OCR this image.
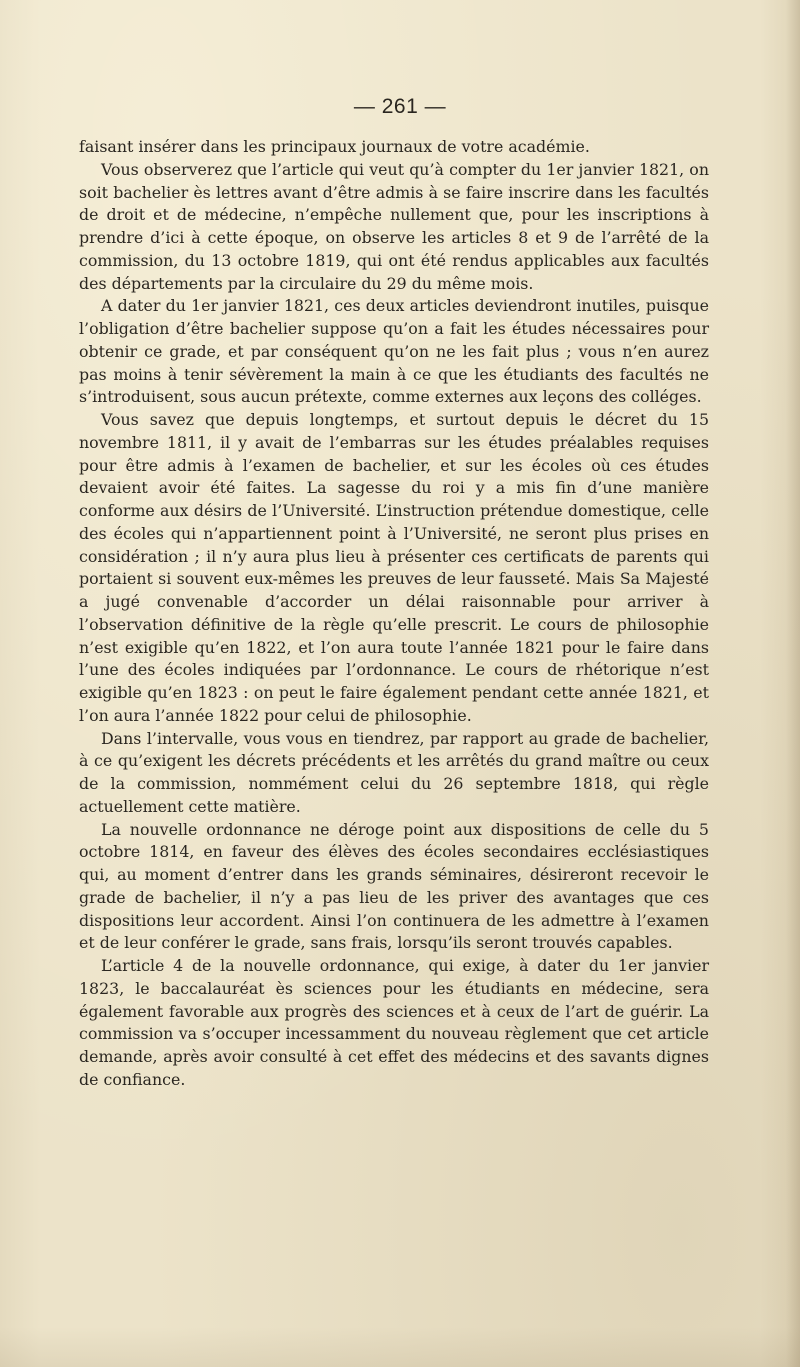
— 261 —

faisant insérer dans les principaux journaux de votre académie.

Vous observerez que l’article qui veut qu’à compter du 1er janvier 1821, on soit bachelier ès lettres avant d’être admis à se faire inscrire dans les facultés de droit et de médecine, n’empêche nullement que, pour les inscriptions à prendre d’ici à cette époque, on observe les articles 8 et 9 de l’arrêté de la commission, du 13 octobre 1819, qui ont été rendus applicables aux facultés des départements par la circulaire du 29 du même mois.

A dater du 1er janvier 1821, ces deux articles deviendront inutiles, puisque l’obligation d’être bachelier suppose qu’on a fait les études nécessaires pour obtenir ce grade, et par conséquent qu’on ne les fait plus ; vous n’en aurez pas moins à tenir sévèrement la main à ce que les étudiants des facultés ne s’introduisent, sous aucun prétexte, comme externes aux leçons des colléges.

Vous savez que depuis longtemps, et surtout depuis le décret du 15 novembre 1811, il y avait de l’embarras sur les études préalables requises pour être admis à l’examen de bachelier, et sur les écoles où ces études devaient avoir été faites. La sagesse du roi y a mis fin d’une manière conforme aux désirs de l’Université. L’instruction prétendue domestique, celle des écoles qui n’appartiennent point à l’Université, ne seront plus prises en considération ; il n’y aura plus lieu à présenter ces certificats de parents qui portaient si souvent eux-mêmes les preuves de leur fausseté. Mais Sa Majesté a jugé convenable d’accorder un délai raisonnable pour arriver à l’observation définitive de la règle qu’elle prescrit. Le cours de philosophie n’est exigible qu’en 1822, et l’on aura toute l’année 1821 pour le faire dans l’une des écoles indiquées par l’ordonnance. Le cours de rhétorique n’est exigible qu’en 1823 : on peut le faire également pendant cette année 1821, et l’on aura l’année 1822 pour celui de philosophie.

Dans l’intervalle, vous vous en tiendrez, par rapport au grade de bachelier, à ce qu’exigent les décrets précédents et les arrêtés du grand maître ou ceux de la commission, nommément celui du 26 septembre 1818, qui règle actuellement cette matière.

La nouvelle ordonnance ne déroge point aux dispositions de celle du 5 octobre 1814, en faveur des élèves des écoles secondaires ecclésiastiques qui, au moment d’entrer dans les grands séminaires, désireront recevoir le grade de bachelier, il n’y a pas lieu de les priver des avantages que ces dispositions leur accordent. Ainsi l’on continuera de les admettre à l’examen et de leur conférer le grade, sans frais, lorsqu’ils seront trouvés capables.

L’article 4 de la nouvelle ordonnance, qui exige, à dater du 1er janvier 1823, le baccalauréat ès sciences pour les étudiants en médecine, sera également favorable aux progrès des sciences et à ceux de l’art de guérir. La commission va s’occuper incessamment du nouveau règlement que cet article demande, après avoir consulté à cet effet des médecins et des savants dignes de confiance.
